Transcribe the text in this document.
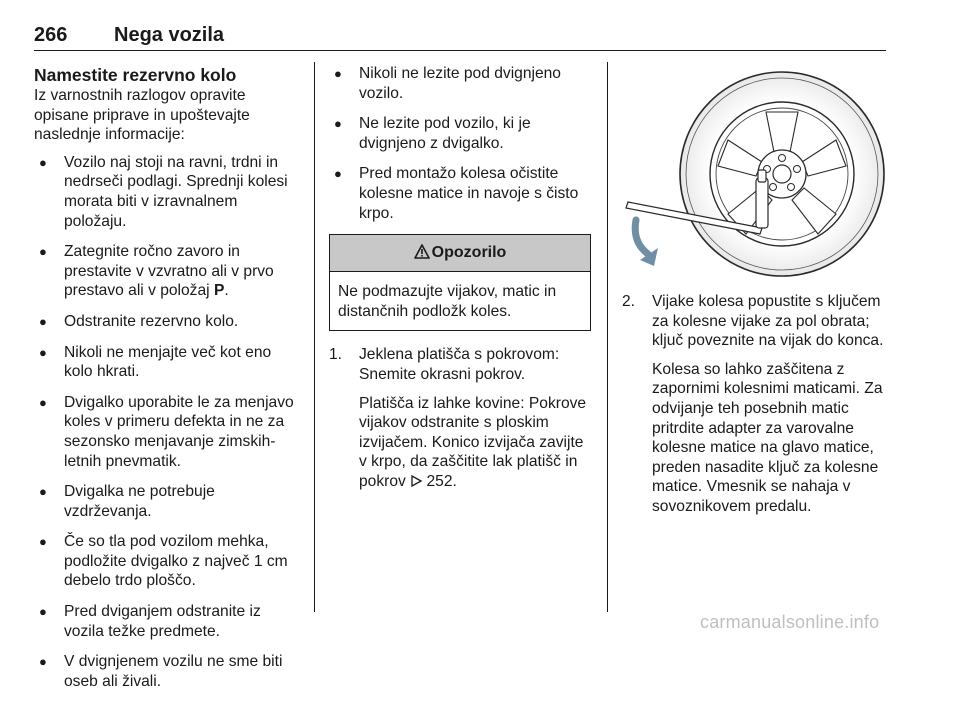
266 Nega vozila

Namestite rezervno kolo

Iz varnostnih razlogov opravite opisane priprave in upoštevajte naslednje informacije:

● Vozilo naj stoji na ravni, trdni in nedrseči podlagi. Sprednji kolesi morata biti v izravnalnem položaju.
● Zategnite ročno zavoro in prestavite v vzvratno ali v prvo prestavo ali v položaj P.
● Odstranite rezervno kolo.
● Nikoli ne menjajte več kot eno kolo hkrati.
● Dvigalko uporabite le za menjavo koles v primeru defekta in ne za sezonsko menjavanje zimskih-letnih pnevmatik.
● Dvigalka ne potrebuje vzdrževanja.
● Če so tla pod vozilom mehka, podložite dvigalko z največ 1 cm debelo trdo ploščo.
● Pred dviganjem odstranite iz vozila težke predmete.
● V dvignjenem vozilu ne sme biti oseb ali živali.
● Nikoli ne lezite pod dvignjeno vozilo.
● Ne lezite pod vozilo, ki je dvignjeno z dvigalko.
● Pred montažo kolesa očistite kolesne matice in navoje s čisto krpo.
Opozorilo
Ne podmazujte vijakov, matic in distančnih podložk koles.
1. Jeklena platišča s pokrovom: Snemite okrasni pokrov.

Platišča iz lahke kovine: Pokrove vijakov odstranite s ploskim izvijačem. Konico izvijača zavijte v krpo, da zaščitite lak platišč in pokrov 252.

2. Vijake kolesa popustite s ključem za kolesne vijake za pol obrata; ključ poveznite na vijak do konca.

Kolesa so lahko zaščitena z zapornimi kolesnimi maticami. Za odvijanje teh posebnih matic pritrdite adapter za varovalne kolesne matice na glavo matice, preden nasadite ključ za kolesne matice. Vmesnik se nahaja v sovoznikovem predalu.

carmanualsonline.info
